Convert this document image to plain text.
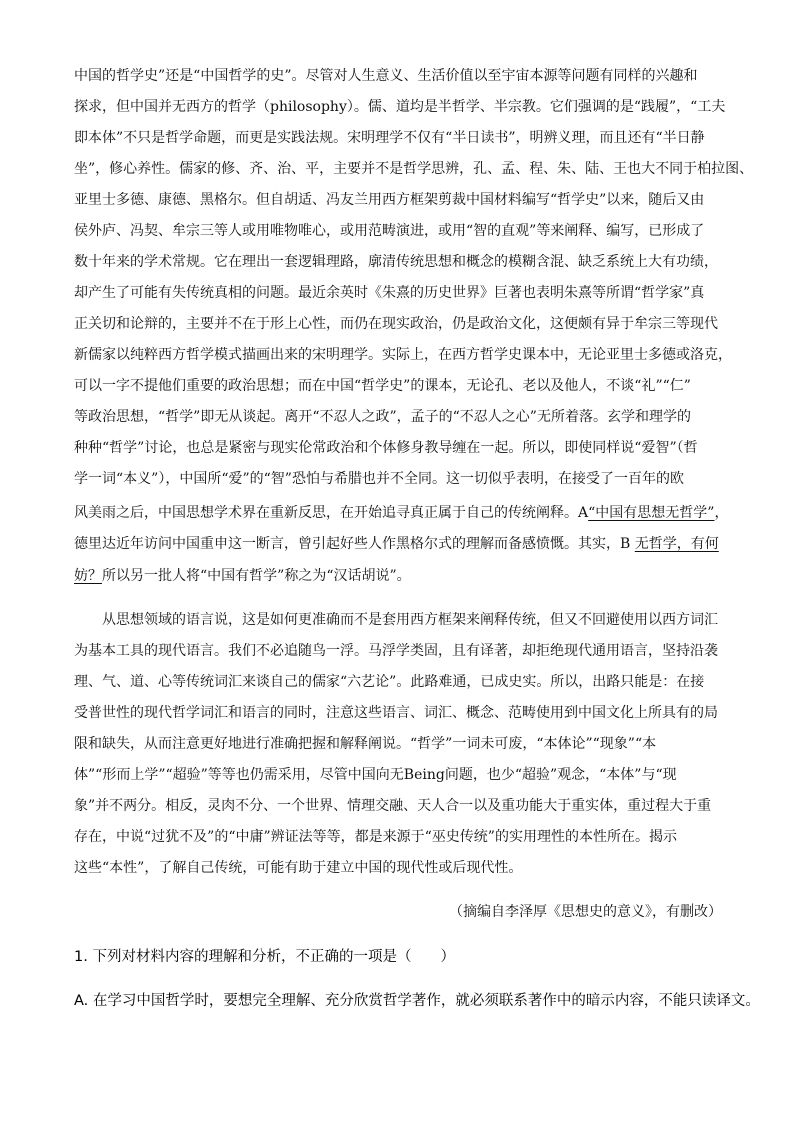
中国的哲学史”还是“中国哲学的史”。尽管对人生意义、生活价值以至宇宙本源等问题有同样的兴趣和
探求，但中国并无西方的哲学（philosophy）。儒、道均是半哲学、半宗教。它们强调的是“践履”，“工夫
即本体”不只是哲学命题，而更是实践法规。宋明理学不仅有“半日读书”，明辨义理，而且还有“半日静
坐”，修心养性。儒家的修、齐、治、平，主要并不是哲学思辨，孔、孟、程、朱、陆、王也大不同于柏拉图、
亚里士多德、康德、黑格尔。但自胡适、冯友兰用西方框架剪裁中国材料编写“哲学史”以来，随后又由
侯外庐、冯契、牟宗三等人或用唯物唯心，或用范畴演进，或用“智的直观”等来阐释、编写，已形成了
数十年来的学术常规。它在理出一套逻辑理路，廓清传统思想和概念的模糊含混、缺乏系统上大有功绩，
却产生了可能有失传统真相的问题。最近余英时《朱熹的历史世界》巨著也表明朱熹等所谓“哲学家”真
正关切和论辩的，主要并不在于形上心性，而仍在现实政治，仍是政治文化，这便颇有异于牟宗三等现代
新儒家以纯粹西方哲学模式描画出来的宋明理学。实际上，在西方哲学史课本中，无论亚里士多德或洛克，
可以一字不提他们重要的政治思想；而在中国“哲学史”的课本，无论孔、老以及他人，不谈“礼”“仁”
等政治思想，“哲学”即无从谈起。离开“不忍人之政”，孟子的“不忍人之心”无所着落。玄学和理学的
种种“哲学”讨论，也总是紧密与现实伦常政治和个体修身教导缠在一起。所以，即使同样说“爱智”（哲
学一词“本义”），中国所“爱”的“智”恐怕与希腊也并不全同。这一切似乎表明，在接受了一百年的欧
风美雨之后，中国思想学术界在重新反思，在开始追寻真正属于自己的传统阐释。A“中国有思想无哲学”，
德里达近年访问中国重申这一断言，曾引起好些人作黑格尔式的理解而备感愤慨。其实，B 无哲学，有何
妨？所以另一批人将“中国有哲学”称之为“汉话胡说”。
从思想领域的语言说，这是如何更准确而不是套用西方框架来阐释传统，但又不回避使用以西方词汇
为基本工具的现代语言。我们不必追随鸟一浮。马浮学类固，且有译著，却拒绝现代通用语言，坚持沿袭
理、气、道、心等传统词汇来谈自己的儒家“六艺论”。此路难通，已成史实。所以，出路只能是：在接
受普世性的现代哲学词汇和语言的同时，注意这些语言、词汇、概念、范畴使用到中国文化上所具有的局
限和缺失，从而注意更好地进行准确把握和解释阐说。“哲学”一词未可废，“本体论”“现象”“本
体”“形而上学”“超验”等等也仍需采用，尽管中国向无Being问题，也少“超验”观念，“本体”与“现
象”并不两分。相反，灵肉不分、一个世界、情理交融、天人合一以及重功能大于重实体，重过程大于重
存在，中说“过犹不及”的“中庸”辨证法等等，都是来源于“巫史传统”的实用理性的本性所在。揭示
这些“本性”，了解自己传统，可能有助于建立中国的现代性或后现代性。
（摘编自李泽厚《思想史的意义》，有删改）
1. 下列对材料内容的理解和分析，不正确的一项是（　　）
A. 在学习中国哲学时，要想完全理解、充分欣赏哲学著作，就必须联系著作中的暗示内容，不能只读译文。
